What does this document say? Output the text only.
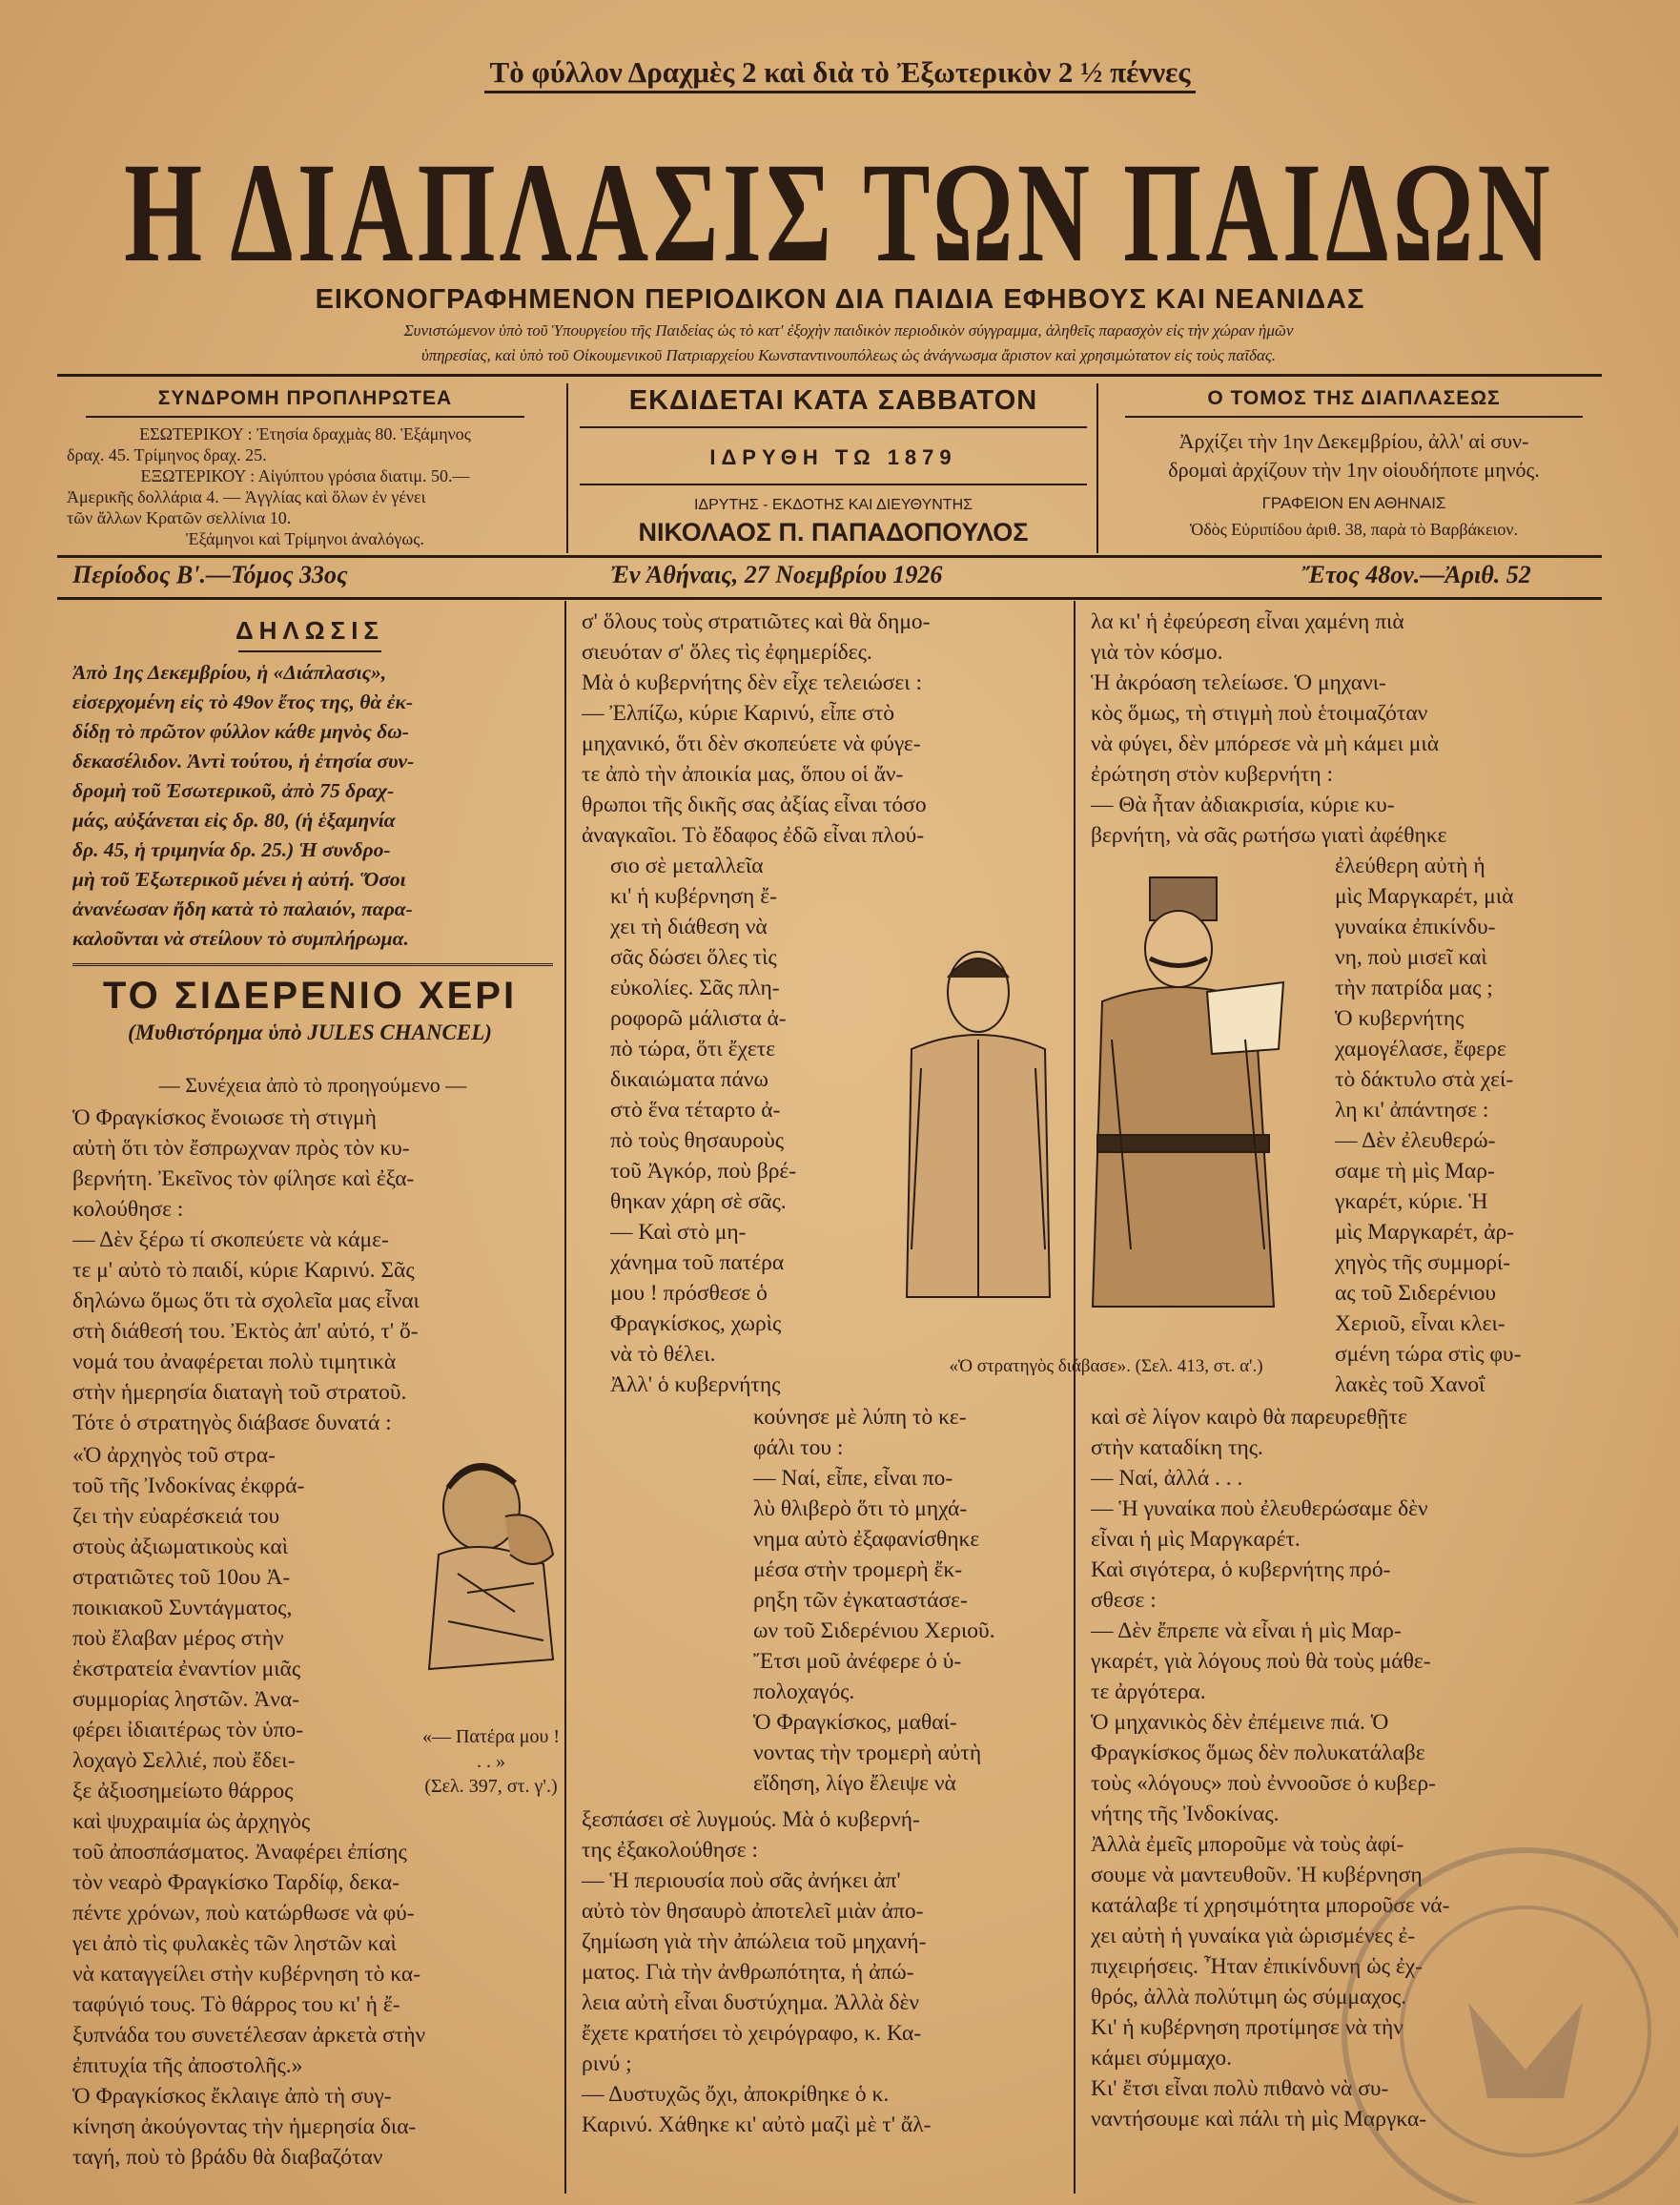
Τὸ φύλλον Δραχμὲς 2 καὶ διὰ τὸ Ἐξωτερικὸν 2 ½ πέννες
Η ΔΙΑΠΛΑΣΙΣ ΤΩΝ ΠΑΙΔΩΝ
ΕΙΚΟΝΟΓΡΑΦΗΜΕΝΟΝ ΠΕΡΙΟΔΙΚΟΝ ΔΙΑ ΠΑΙΔΙΑ ΕΦΗΒΟΥΣ ΚΑΙ ΝΕΑΝΙΔΑΣ
Συνιστώμενον ὑπὸ τοῦ Ὑπουργείου τῆς Παιδείας ὡς τὸ κατ' ἐξοχὴν παιδικὸν περιοδικὸν σύγγραμμα, ἀληθεῖς παρασχὸν εἰς τὴν χώραν ἡμῶν
ὑπηρεσίας, καὶ ὑπὸ τοῦ Οἰκουμενικοῦ Πατριαρχείου Κωνσταντινουπόλεως ὡς ἀνάγνωσμα ἄριστον καὶ χρησιμώτατον εἰς τοὺς παῖδας.
ΣΥΝΔΡΟΜΗ ΠΡΟΠΛΗΡΩΤΕΑ
ΕΣΩΤΕΡΙΚΟΥ : Ἐτησία δραχμὰς 80. Ἑξάμηνος
δραχ. 45. Τρίμηνος δραχ. 25.
ΕΞΩΤΕΡΙΚΟΥ : Αἰγύπτου γρόσια διατιμ. 50.—
Ἀμερικῆς δολλάρια 4. — Ἀγγλίας καὶ ὅλων ἐν γένει
τῶν ἄλλων Κρατῶν σελλίνια 10.
Ἑξάμηνοι καὶ Τρίμηνοι ἀναλόγως.
ΕΚΔΙΔΕΤΑΙ ΚΑΤΑ ΣΑΒΒΑΤΟΝ
ΙΔΡΥΘΗ ΤΩ 1879
ΙΔΡΥΤΗΣ - ΕΚΔΟΤΗΣ ΚΑΙ ΔΙΕΥΘΥΝΤΗΣ
ΝΙΚΟΛΑΟΣ Π. ΠΑΠΑΔΟΠΟΥΛΟΣ
Ο ΤΟΜΟΣ ΤΗΣ ΔΙΑΠΛΑΣΕΩΣ
Ἀρχίζει τὴν 1ην Δεκεμβρίου, ἀλλ' αἱ συν-
δρομαὶ ἀρχίζουν τὴν 1ην οἱουδήποτε μηνός.
ΓΡΑΦΕΙΟΝ ΕΝ ΑΘΗΝΑΙΣ
Ὁδὸς Εὐριπίδου ἀριθ. 38, παρὰ τὸ Βαρβάκειον.
Περίοδος Β'.—Τόμος 33ος	Ἐν Ἀθήναις, 27 Νοεμβρίου 1926	Ἔτος 48ον.—Ἀριθ. 52
ΔΗΛΩΣΙΣ
Ἀπὸ 1ης Δεκεμβρίου, ἡ «Διάπλασις»,
εἰσερχομένη εἰς τὸ 49ον ἔτος της, θὰ ἐκ-
δίδῃ τὸ πρῶτον φύλλον κάθε μηνὸς δω-
δεκασέλιδον. Ἀντὶ τούτου, ἡ ἐτησία συν-
δρομὴ τοῦ Ἐσωτερικοῦ, ἀπὸ 75 δραχ-
μάς, αὐξάνεται εἰς δρ. 80, (ἡ ἑξαμηνία
δρ. 45, ἡ τριμηνία δρ. 25.) Ἡ συνδρο-
μὴ τοῦ Ἐξωτερικοῦ μένει ἡ αὐτή. Ὅσοι
ἀνανέωσαν ἤδη κατὰ τὸ παλαιόν, παρα-
καλοῦνται νὰ στείλουν τὸ συμπλήρωμα.
ΤΟ ΣΙΔΕΡΕΝΙΟ ΧΕΡΙ
(Μυθιστόρημα ὑπὸ JULES CHANCEL)
— Συνέχεια ἀπὸ τὸ προηγούμενο —
Ὁ Φραγκίσκος ἔνοιωσε τὴ στιγμὴ
αὐτὴ ὅτι τὸν ἔσπρωχναν πρὸς τὸν κυ-
βερνήτη. Ἐκεῖνος τὸν φίλησε καὶ ἐξα-
κολούθησε :
— Δὲν ξέρω τί σκοπεύετε νὰ κάμε-
τε μ' αὐτὸ τὸ παιδί, κύριε Καρινύ. Σᾶς
δηλώνω ὅμως ὅτι τὰ σχολεῖα μας εἶναι
στὴ διάθεσή του. Ἐκτὸς ἀπ' αὐτό, τ' ὄ-
νομά του ἀναφέρεται πολὺ τιμητικὰ
στὴν ἡμερησία διαταγὴ τοῦ στρατοῦ.
Τότε ὁ στρατηγὸς διάβασε δυνατά :
«Ὁ ἀρχηγὸς τοῦ στρα-
τοῦ τῆς Ἰνδοκίνας ἐκφρά-
ζει τὴν εὐαρέσκειά του
στοὺς ἀξιωματικοὺς καὶ
στρατιῶτες τοῦ 10ου Ἀ-
ποικιακοῦ Συντάγματος,
ποὺ ἔλαβαν μέρος στὴν
ἐκστρατεία ἐναντίον μιᾶς
συμμορίας ληστῶν. Ἀνα-
φέρει ἰδιαιτέρως τὸν ὑπο-
λοχαγὸ Σελλιέ, ποὺ ἔδει-
ξε ἀξιοσημείωτο θάρρος
καὶ ψυχραιμία ὡς ἀρχηγὸς
τοῦ ἀποσπάσματος. Ἀναφέρει ἐπίσης
τὸν νεαρὸ Φραγκίσκο Ταρδίφ, δεκα-
πέντε χρόνων, ποὺ κατώρθωσε νὰ φύ-
γει ἀπὸ τὶς φυλακὲς τῶν ληστῶν καὶ
νὰ καταγγείλει στὴν κυβέρνηση τὸ κα-
ταφύγιό τους. Τὸ θάρρος του κι' ἡ ἔ-
ξυπνάδα του συνετέλεσαν ἀρκετὰ στὴν
ἐπιτυχία τῆς ἀποστολῆς.»
Ὁ Φραγκίσκος ἔκλαιγε ἀπὸ τὴ συγ-
κίνηση ἀκούγοντας τὴν ἡμερησία δια-
ταγή, ποὺ τὸ βράδυ θὰ διαβαζόταν
«— Πατέρα μου ! . . »
(Σελ. 397, στ. γ'.)
σ' ὅλους τοὺς στρατιῶτες καὶ θὰ δημο-
σιευόταν σ' ὅλες τὶς ἐφημερίδες.
Μὰ ὁ κυβερνήτης δὲν εἶχε τελειώσει :
— Ἐλπίζω, κύριε Καρινύ, εἶπε στὸ
μηχανικό, ὅτι δὲν σκοπεύετε νὰ φύγε-
τε ἀπὸ τὴν ἀποικία μας, ὅπου οἱ ἄν-
θρωποι τῆς δικῆς σας ἀξίας εἶναι τόσο
ἀναγκαῖοι. Τὸ ἔδαφος ἐδῶ εἶναι πλού-
σιο σὲ μεταλλεῖα
κι' ἡ κυβέρνηση ἔ-
χει τὴ διάθεση νὰ
σᾶς δώσει ὅλες τὶς
εὐκολίες. Σᾶς πλη-
ροφορῶ μάλιστα ἀ-
πὸ τώρα, ὅτι ἔχετε
δικαιώματα πάνω
στὸ ἕνα τέταρτο ἀ-
πὸ τοὺς θησαυροὺς
τοῦ Ἀγκόρ, ποὺ βρέ-
θηκαν χάρη σὲ σᾶς.
— Καὶ στὸ μη-
χάνημα τοῦ πατέρα
μου ! πρόσθεσε ὁ
Φραγκίσκος, χωρὶς
νὰ τὸ θέλει.
Ἀλλ' ὁ κυβερνήτης
κούνησε μὲ λύπη τὸ κε-
φάλι του :
— Ναί, εἶπε, εἶναι πο-
λὺ θλιβερὸ ὅτι τὸ μηχά-
νημα αὐτὸ ἐξαφανίσθηκε
μέσα στὴν τρομερὴ ἔκ-
ρηξη τῶν ἐγκαταστάσε-
ων τοῦ Σιδερένιου Χεριοῦ.
Ἔτσι μοῦ ἀνέφερε ὁ ὑ-
πολοχαγός.
Ὁ Φραγκίσκος, μαθαί-
νοντας τὴν τρομερὴ αὐτὴ
εἴδηση, λίγο ἔλειψε νὰ
ξεσπάσει σὲ λυγμούς. Μὰ ὁ κυβερνή-
της ἐξακολούθησε :
— Ἡ περιουσία ποὺ σᾶς ἀνήκει ἀπ'
αὐτὸ τὸν θησαυρὸ ἀποτελεῖ μιὰν ἀπο-
ζημίωση γιὰ τὴν ἀπώλεια τοῦ μηχανή-
ματος. Γιὰ τὴν ἀνθρωπότητα, ἡ ἀπώ-
λεια αὐτὴ εἶναι δυστύχημα. Ἀλλὰ δὲν
ἔχετε κρατήσει τὸ χειρόγραφο, κ. Κα-
ρινύ ;
— Δυστυχῶς ὄχι, ἀποκρίθηκε ὁ κ.
Καρινύ. Χάθηκε κι' αὐτὸ μαζὶ μὲ τ' ἄλ-
«Ὁ στρατηγὸς διάβασε». (Σελ. 413, στ. α'.)
λα κι' ἡ ἐφεύρεση εἶναι χαμένη πιὰ
γιὰ τὸν κόσμο.
Ἡ ἀκρόαση τελείωσε. Ὁ μηχανι-
κὸς ὅμως, τὴ στιγμὴ ποὺ ἑτοιμαζόταν
νὰ φύγει, δὲν μπόρεσε νὰ μὴ κάμει μιὰ
ἐρώτηση στὸν κυβερνήτη :
— Θὰ ἦταν ἀδιακρισία, κύριε κυ-
βερνήτη, νὰ σᾶς ρωτήσω γιατὶ ἀφέθηκε
ἐλεύθερη αὐτὴ ἡ
μὶς Μαργκαρέτ, μιὰ
γυναίκα ἐπικίνδυ-
νη, ποὺ μισεῖ καὶ
τὴν πατρίδα μας ;
Ὁ κυβερνήτης
χαμογέλασε, ἔφερε
τὸ δάκτυλο στὰ χεί-
λη κι' ἀπάντησε :
— Δὲν ἐλευθερώ-
σαμε τὴ μὶς Μαρ-
γκαρέτ, κύριε. Ἡ
μὶς Μαργκαρέτ, ἀρ-
χηγὸς τῆς συμμορί-
ας τοῦ Σιδερένιου
Χεριοῦ, εἶναι κλει-
σμένη τώρα στὶς φυ-
λακὲς τοῦ Χανοΐ
καὶ σὲ λίγον καιρὸ θὰ παρευρεθῇτε
στὴν καταδίκη της.
— Ναί, ἀλλά . . .
— Ἡ γυναίκα ποὺ ἐλευθερώσαμε δὲν
εἶναι ἡ μὶς Μαργκαρέτ.
Καὶ σιγότερα, ὁ κυβερνήτης πρό-
σθεσε :
— Δὲν ἔπρεπε νὰ εἶναι ἡ μὶς Μαρ-
γκαρέτ, γιὰ λόγους ποὺ θὰ τοὺς μάθε-
τε ἀργότερα.
Ὁ μηχανικὸς δὲν ἐπέμεινε πιά. Ὁ
Φραγκίσκος ὅμως δὲν πολυκατάλαβε
τοὺς «λόγους» ποὺ ἐννοοῦσε ὁ κυβερ-
νήτης τῆς Ἰνδοκίνας.
Ἀλλὰ ἐμεῖς μποροῦμε νὰ τοὺς ἀφί-
σουμε νὰ μαντευθοῦν. Ἡ κυβέρνηση
κατάλαβε τί χρησιμότητα μποροῦσε νά-
χει αὐτὴ ἡ γυναίκα γιὰ ὡρισμένες ἐ-
πιχειρήσεις. Ἦταν ἐπικίνδυνη ὡς ἐχ-
θρός, ἀλλὰ πολύτιμη ὡς σύμμαχος.
Κι' ἡ κυβέρνηση προτίμησε νὰ τὴν
κάμει σύμμαχο.
Κι' ἔτσι εἶναι πολὺ πιθανὸ νὰ συ-
ναντήσουμε καὶ πάλι τὴ μὶς Μαργκα-
